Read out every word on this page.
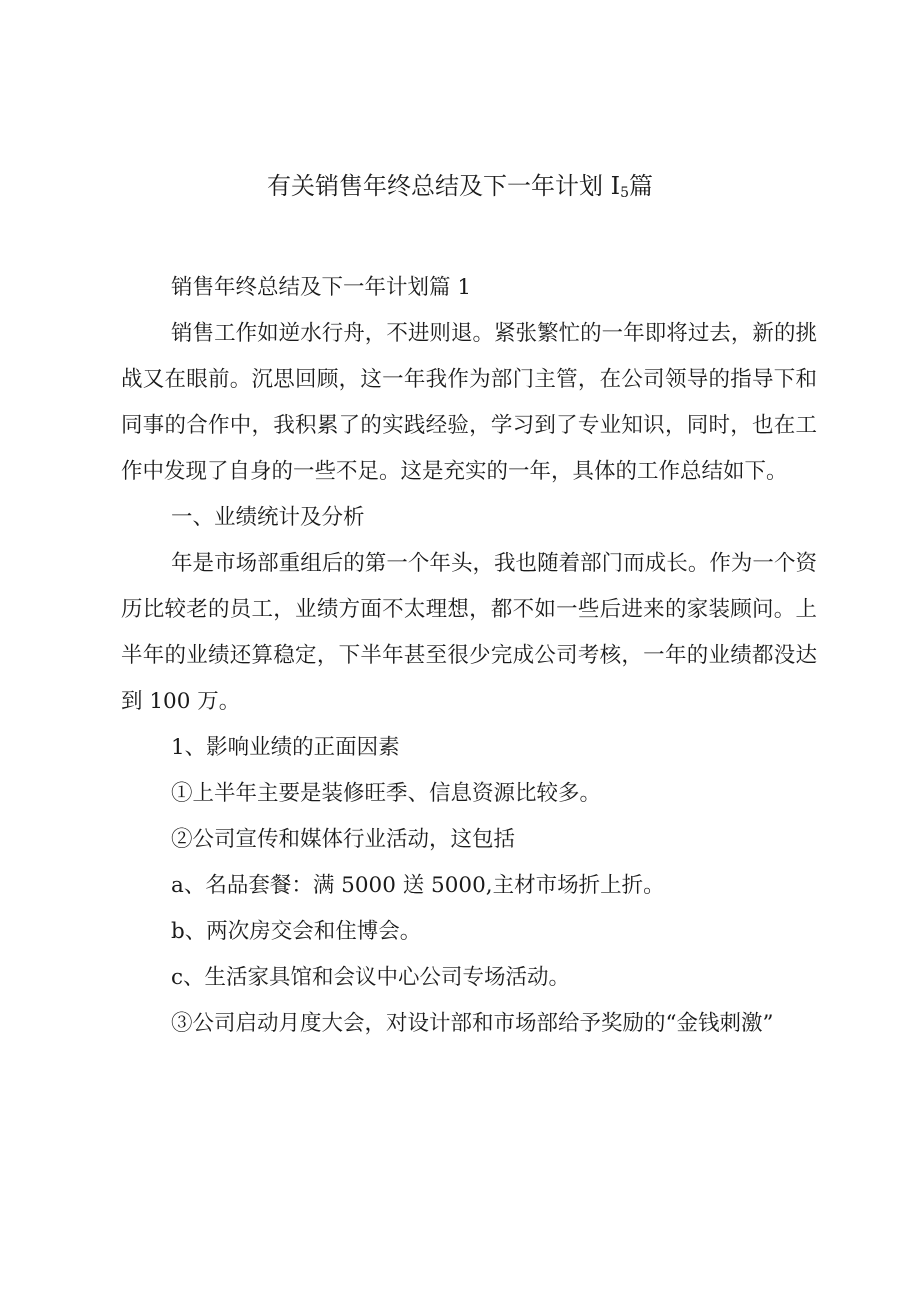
有关销售年终总结及下一年计划 $I_5$篇

销售年终总结及下一年计划篇 1

销售工作如逆水行舟，不进则退。紧张繁忙的一年即将过去，新的挑战又在眼前。沉思回顾，这一年我作为部门主管，在公司领导的指导下和同事的合作中，我积累了的实践经验，学习到了专业知识，同时，也在工作中发现了自身的一些不足。这是充实的一年，具体的工作总结如下。

一、业绩统计及分析

年是市场部重组后的第一个年头，我也随着部门而成长。作为一个资历比较老的员工，业绩方面不太理想，都不如一些后进来的家装顾问。上半年的业绩还算稳定，下半年甚至很少完成公司考核，一年的业绩都没达到 100 万。

1、影响业绩的正面因素

①上半年主要是装修旺季、信息资源比较多。

②公司宣传和媒体行业活动，这包括

a、名品套餐：满 5000 送 5000,主材市场折上折。

b、两次房交会和住博会。

c、生活家具馆和会议中心公司专场活动。

③公司启动月度大会，对设计部和市场部给予奖励的“金钱刺激”
